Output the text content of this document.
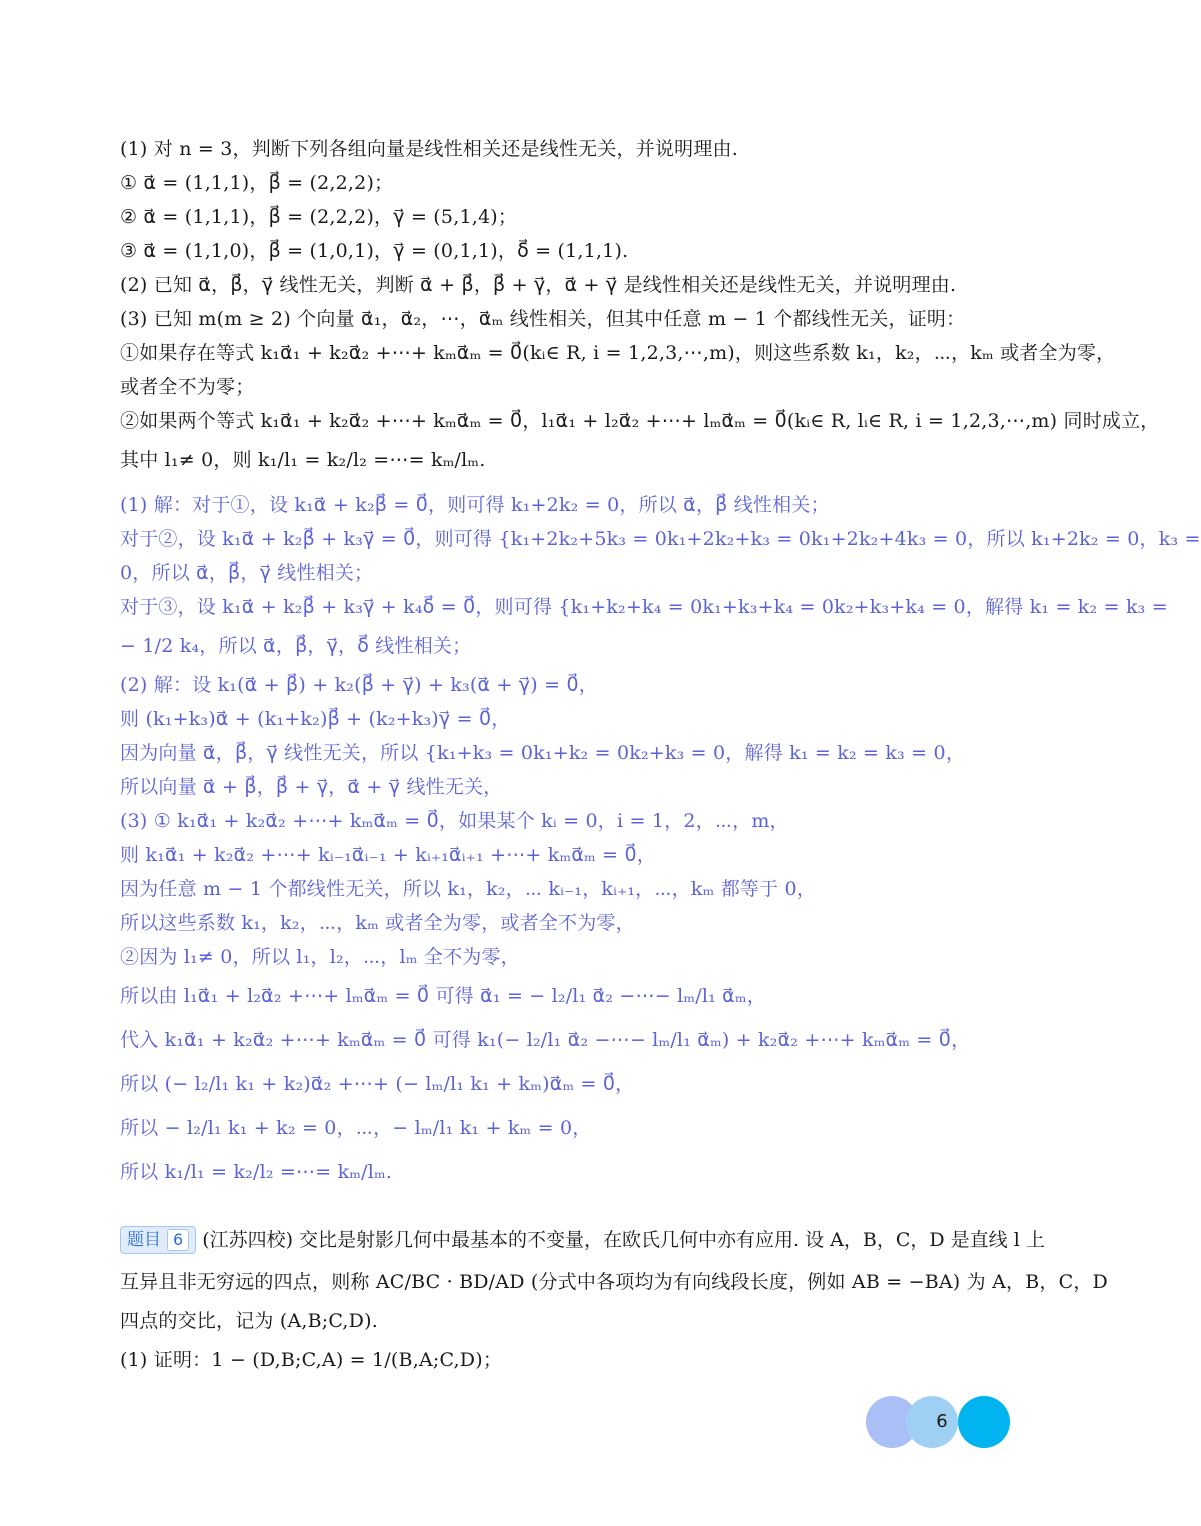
(1) 对 n = 3，判断下列各组向量是线性相关还是线性无关，并说明理由.
① α⃗ = (1,1,1)，β⃗ = (2,2,2)；
② α⃗ = (1,1,1)，β⃗ = (2,2,2)，γ⃗ = (5,1,4)；
③ α⃗ = (1,1,0)，β⃗ = (1,0,1)，γ⃗ = (0,1,1)，δ⃗ = (1,1,1).
(2) 已知 α⃗，β⃗，γ⃗ 线性无关，判断 α⃗ + β⃗，β⃗ + γ⃗，α⃗ + γ⃗ 是线性相关还是线性无关，并说明理由.
(3) 已知 m(m ≥ 2) 个向量 α⃗₁，α⃗₂，⋯，α⃗ₘ 线性相关，但其中任意 m − 1 个都线性无关，证明：
①如果存在等式 k₁α⃗₁ + k₂α⃗₂ +⋯+ kₘα⃗ₘ = 0⃗(kᵢ∈ R, i = 1,2,3,⋯,m)，则这些系数 k₁，k₂，⋯，kₘ 或者全为零，
或者全不为零；
②如果两个等式 k₁α⃗₁ + k₂α⃗₂ +⋯+ kₘα⃗ₘ = 0⃗，l₁α⃗₁ + l₂α⃗₂ +⋯+ lₘα⃗ₘ = 0⃗(kᵢ∈ R, lᵢ∈ R, i = 1,2,3,⋯,m) 同时成立，
其中 l₁≠ 0，则 k₁/l₁ = k₂/l₂ =⋯= kₘ/lₘ.
(1) 解：对于①，设 k₁α⃗ + k₂β⃗ = 0⃗，则可得 k₁+2k₂ = 0，所以 α⃗，β⃗ 线性相关；
对于②，设 k₁α⃗ + k₂β⃗ + k₃γ⃗ = 0⃗，则可得 {k₁+2k₂+5k₃ = 0k₁+2k₂+k₃ = 0k₁+2k₂+4k₃ = 0，所以 k₁+2k₂ = 0，k₃ =
0，所以 α⃗，β⃗，γ⃗ 线性相关；
对于③，设 k₁α⃗ + k₂β⃗ + k₃γ⃗ + k₄δ⃗ = 0⃗，则可得 {k₁+k₂+k₄ = 0k₁+k₃+k₄ = 0k₂+k₃+k₄ = 0，解得 k₁ = k₂ = k₃ =
− 1/2 k₄，所以 α⃗，β⃗，γ⃗，δ⃗ 线性相关；
(2) 解：设 k₁(α⃗ + β⃗) + k₂(β⃗ + γ⃗) + k₃(α⃗ + γ⃗) = 0⃗，
则 (k₁+k₃)α⃗ + (k₁+k₂)β⃗ + (k₂+k₃)γ⃗ = 0⃗，
因为向量 α⃗，β⃗，γ⃗ 线性无关，所以 {k₁+k₃ = 0k₁+k₂ = 0k₂+k₃ = 0，解得 k₁ = k₂ = k₃ = 0，
所以向量 α⃗ + β⃗，β⃗ + γ⃗，α⃗ + γ⃗ 线性无关，
(3) ① k₁α⃗₁ + k₂α⃗₂ +⋯+ kₘα⃗ₘ = 0⃗，如果某个 kᵢ = 0，i = 1，2，⋯，m，
则 k₁α⃗₁ + k₂α⃗₂ +⋯+ kᵢ₋₁α⃗ᵢ₋₁ + kᵢ₊₁α⃗ᵢ₊₁ +⋯+ kₘα⃗ₘ = 0⃗，
因为任意 m − 1 个都线性无关，所以 k₁，k₂，⋯ kᵢ₋₁，kᵢ₊₁，⋯，kₘ 都等于 0，
所以这些系数 k₁，k₂，⋯，kₘ 或者全为零，或者全不为零，
②因为 l₁≠ 0，所以 l₁，l₂，⋯，lₘ 全不为零，
所以由 l₁α⃗₁ + l₂α⃗₂ +⋯+ lₘα⃗ₘ = 0⃗ 可得 α⃗₁ = − l₂/l₁ α⃗₂ −⋯− lₘ/l₁ α⃗ₘ，
代入 k₁α⃗₁ + k₂α⃗₂ +⋯+ kₘα⃗ₘ = 0⃗ 可得 k₁(− l₂/l₁ α⃗₂ −⋯− lₘ/l₁ α⃗ₘ) + k₂α⃗₂ +⋯+ kₘα⃗ₘ = 0⃗，
所以 (− l₂/l₁ k₁ + k₂)α⃗₂ +⋯+ (− lₘ/l₁ k₁ + kₘ)α⃗ₘ = 0⃗，
所以 − l₂/l₁ k₁ + k₂ = 0，⋯，− lₘ/l₁ k₁ + kₘ = 0，
所以 k₁/l₁ = k₂/l₂ =⋯= kₘ/lₘ.
题目 6	(江苏四校) 交比是射影几何中最基本的不变量，在欧氏几何中亦有应用. 设 A，B，C，D 是直线 l 上
互异且非无穷远的四点，则称 AC/BC · BD/AD (分式中各项均为有向线段长度，例如 AB = −BA) 为 A，B，C，D
四点的交比，记为 (A,B;C,D).
(1) 证明：1 − (D,B;C,A) = 1/(B,A;C,D)；
6
